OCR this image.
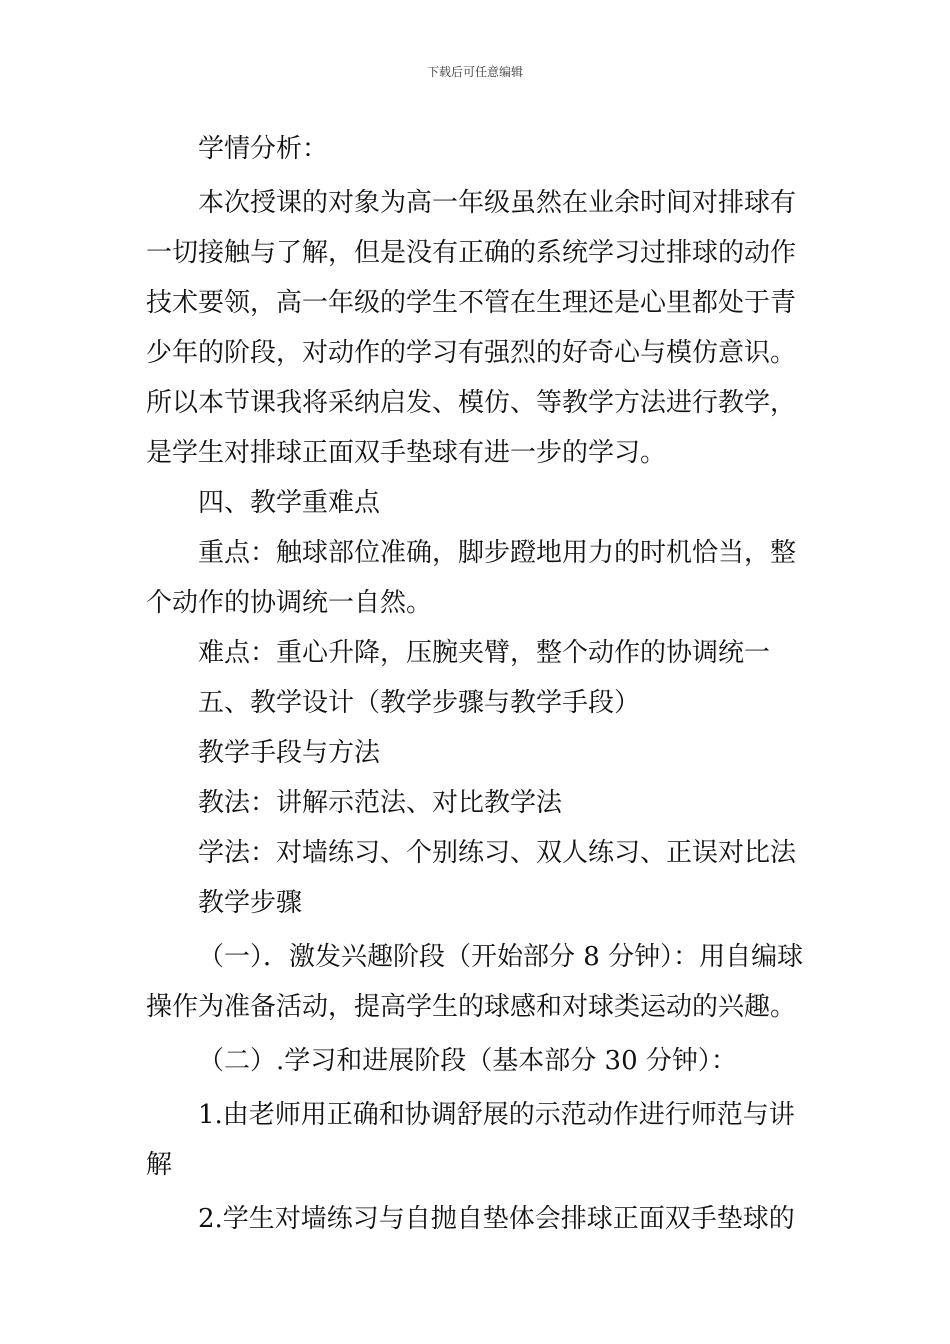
下载后可任意编辑
学情分析：
本次授课的对象为高一年级虽然在业余时间对排球有
一切接触与了解，但是没有正确的系统学习过排球的动作
技术要领，高一年级的学生不管在生理还是心里都处于青
少年的阶段，对动作的学习有强烈的好奇心与模仿意识。
所以本节课我将采纳启发、模仿、等教学方法进行教学，
是学生对排球正面双手垫球有进一步的学习。
四、教学重难点
重点：触球部位准确，脚步蹬地用力的时机恰当，整
个动作的协调统一自然。
难点：重心升降，压腕夹臂，整个动作的协调统一
五、教学设计（教学步骤与教学手段）
教学手段与方法
教法：讲解示范法、对比教学法
学法：对墙练习、个别练习、双人练习、正误对比法
教学步骤
（一）．激发兴趣阶段（开始部分 8 分钟）：用自编球
操作为准备活动，提高学生的球感和对球类运动的兴趣。
（二）.学习和进展阶段（基本部分 30 分钟）：
1.由老师用正确和协调舒展的示范动作进行师范与讲
解
2.学生对墙练习与自抛自垫体会排球正面双手垫球的
